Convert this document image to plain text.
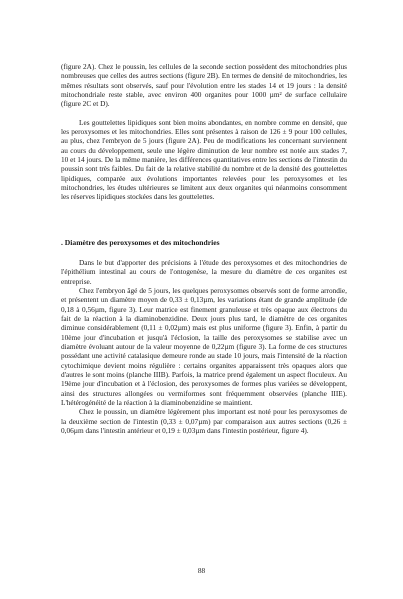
(figure 2A). Chez le poussin, les cellules de la seconde section possèdent des mitochondries plus nombreuses que celles des autres sections (figure 2B). En termes de densité de mitochondries, les mêmes résultats sont observés, sauf pour l'évolution entre les stades 14 et 19 jours : la densité mitochondriale reste stable, avec environ 400 organites pour 1000 µm² de surface cellulaire (figure 2C et D).

Les gouttelettes lipidiques sont bien moins abondantes, en nombre comme en densité, que les peroxysomes et les mitochondries. Elles sont présentes à raison de 126 ± 9 pour 100 cellules, au plus, chez l'embryon de 5 jours (figure 2A). Peu de modifications les concernant surviennent au cours du développement, seule une légère diminution de leur nombre est notée aux stades 7, 10 et 14 jours. De la même manière, les différences quantitatives entre les sections de l'intestin du poussin sont très faibles. Du fait de la relative stabilité du nombre et de la densité des gouttelettes lipidiques, comparée aux évolutions importantes relevées pour les peroxysomes et les mitochondries, les études ultérieures se limitent aux deux organites qui néanmoins consomment les réserves lipidiques stockées dans les gouttelettes.

. Diamètre des peroxysomes et des mitochondries

Dans le but d'apporter des précisions à l'étude des peroxysomes et des mitochondries de l'épithélium intestinal au cours de l'ontogenèse, la mesure du diamètre de ces organites est entreprise.

Chez l'embryon âgé de 5 jours, les quelques peroxysomes observés sont de forme arrondie, et présentent un diamètre moyen de 0,33 ± 0,13µm, les variations étant de grande amplitude (de 0,18 à 0,56µm, figure 3). Leur matrice est finement granuleuse et très opaque aux électrons du fait de la réaction à la diaminobenzidine. Deux jours plus tard, le diamètre de ces organites diminue considérablement (0,11 ± 0,02µm) mais est plus uniforme (figure 3). Enfin, à partir du 10ème jour d'incubation et jusqu'à l'éclosion, la taille des peroxysomes se stabilise avec un diamètre évoluant autour de la valeur moyenne de 0,22µm (figure 3). La forme de ces structures possédant une activité catalasique demeure ronde au stade 10 jours, mais l'intensité de la réaction cytochimique devient moins régulière : certains organites apparaissent très opaques alors que d'autres le sont moins (planche IIIB). Parfois, la matrice prend également un aspect floculeux. Au 19ème jour d'incubation et à l'éclosion, des peroxysomes de formes plus variées se développent, ainsi des structures allongées ou vermiformes sont fréquemment observées (planche IIIE). L'hétérogénéité de la réaction à la diaminobenzidine se maintient.

Chez le poussin, un diamètre légèrement plus important est noté pour les peroxysomes de la deuxième section de l'intestin (0,33 ± 0,07µm) par comparaison aux autres sections (0,26 ± 0,06µm dans l'intestin antérieur et 0,19 ± 0,03µm dans l'intestin postérieur, figure 4).

88
